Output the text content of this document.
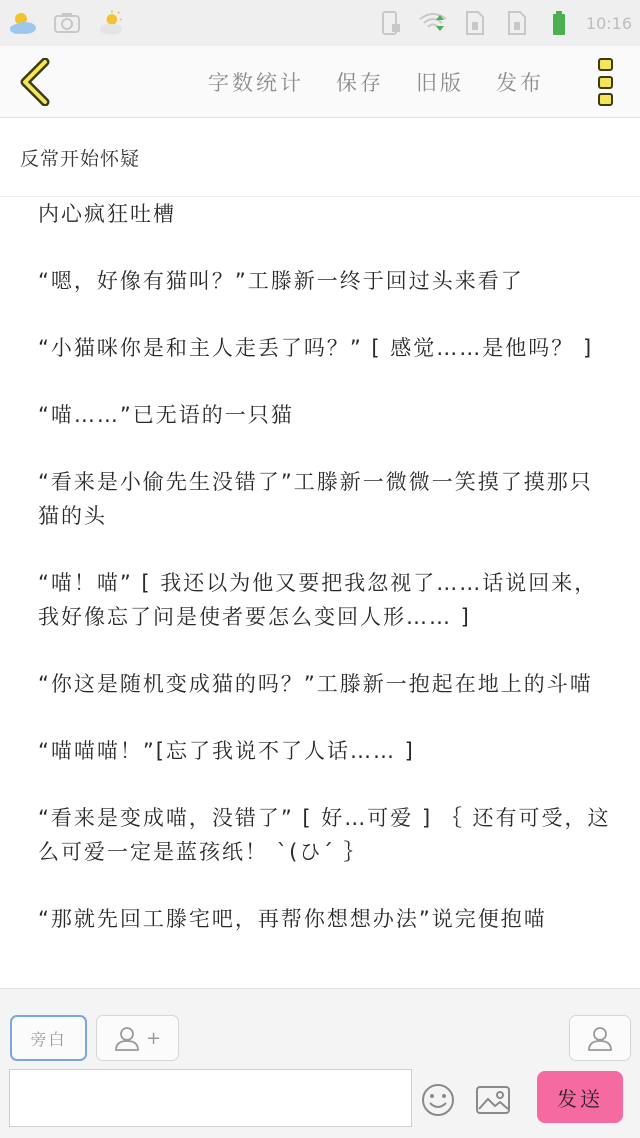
10:16
字数统计 保存 旧版 发布
反常开始怀疑

内心疯狂吐槽

“嗯，好像有猫叫？”工滕新一终于回过头来看了

“小猫咪你是和主人走丢了吗？” [ 感觉……是他吗？ ]

“喵……”已无语的一只猫

“看来是小偷先生没错了”工滕新一微微一笑摸了摸那只猫的头

“喵！喵” [ 我还以为他又要把我忽视了……话说回来，我好像忘了问是使者要怎么变回人形…… ]

“你这是随机变成猫的吗？”工滕新一抱起在地上的斗喵

“喵喵喵！”[忘了我说不了人话…… ]

“看来是变成喵，没错了” [ 好…可爱 ] ｛ 还有可受，这么可爱一定是蓝孩纸！ ˋ(ひ´ ｝

“那就先回工滕宅吧，再帮你想想办法”说完便抱喵

旁白	+
发送
